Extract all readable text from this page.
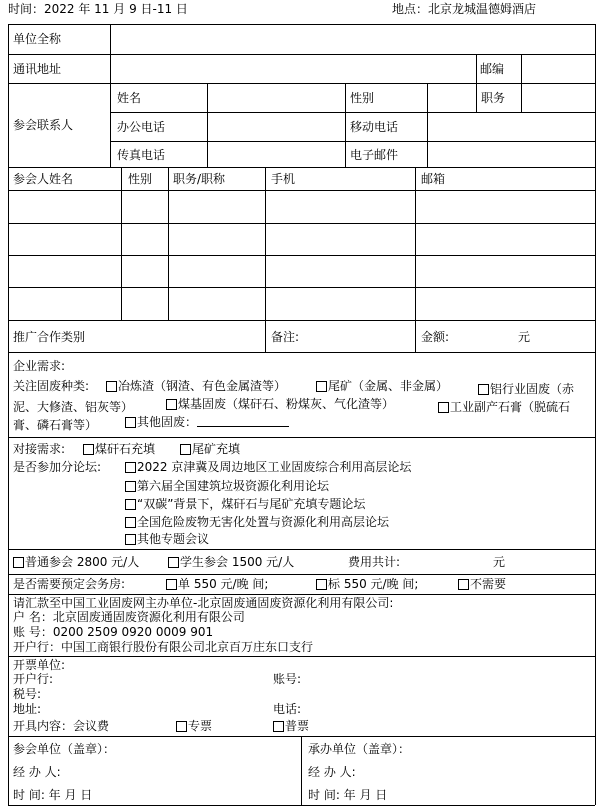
时间：2022 年 11 月 9 日-11 日	地点：北京龙城温德姆酒店
单位全称
通讯地址	邮编
参会联系人
姓名	性别	职务
办公电话	移动电话
传真电话	电子邮件
参会人姓名	性别 职务/职称	手机	邮箱
推广合作类别	备注:	金额:	元
企业需求:
关注固废种类:	冶炼渣（钢渣、有色金属渣等）	尾矿（金属、非金属）	铝行业固废（赤泥、大修渣、铝灰等）	煤基固废（煤矸石、粉煤灰、气化渣等）	工业副产石膏（脱硫石膏、磷石膏等）	其他固废：
对接需求:	煤矸石充填	尾矿充填
是否参加分论坛:	2022 京津冀及周边地区工业固废综合利用高层论坛
第六届全国建筑垃圾资源化利用论坛
“双碳”背景下，煤矸石与尾矿充填专题论坛
全国危险废物无害化处置与资源化利用高层论坛
其他专题会议
普通参会 2800 元/人	学生参会 1500 元/人	费用共计:	元
是否需要预定会务房:	单 550 元/晚 间;	标 550 元/晚 间;	不需要
请汇款至中国工业固废网主办单位-北京固废通固废资源化利用有限公司:
户 名：北京固废通固废资源化利用有限公司
账 号：0200 2509 0920 0009 901
开户行：中国工商银行股份有限公司北京百万庄东口支行
开票单位:
开户行:	账号:
税号:
地址:	电话:
开具内容：会议费	专票	普票
参会单位（盖章）：
经 办 人:
时 间: 年 月 日
承办单位（盖章）：
经 办 人:
时 间: 年 月 日
